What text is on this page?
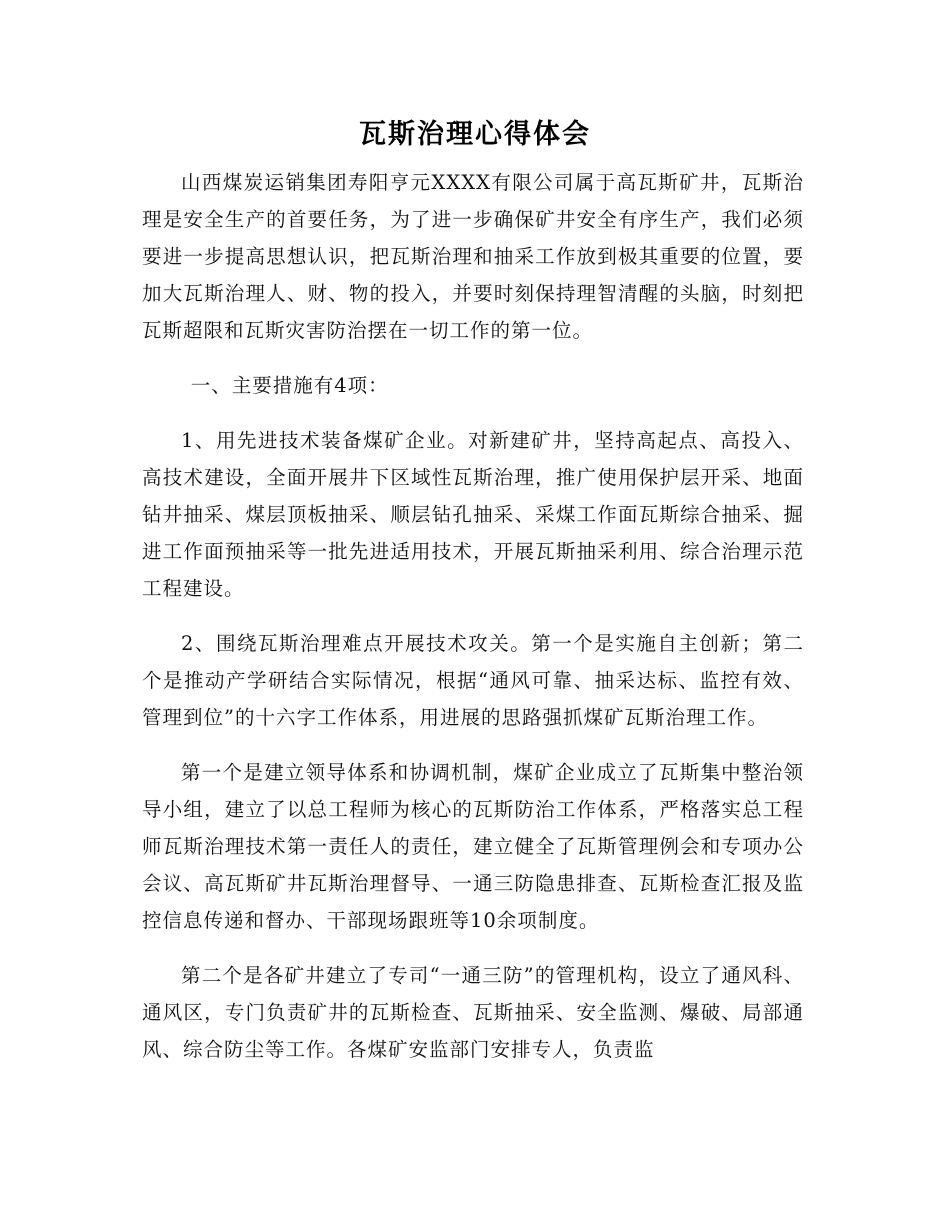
瓦斯治理心得体会

山西煤炭运销集团寿阳亨元XXXX有限公司属于高瓦斯矿井，瓦斯治理是安全生产的首要任务，为了进一步确保矿井安全有序生产，我们必须要进一步提高思想认识，把瓦斯治理和抽采工作放到极其重要的位置，要加大瓦斯治理人、财、物的投入，并要时刻保持理智清醒的头脑，时刻把瓦斯超限和瓦斯灾害防治摆在一切工作的第一位。

一、主要措施有4项：

1、用先进技术装备煤矿企业。对新建矿井，坚持高起点、高投入、高技术建设，全面开展井下区域性瓦斯治理，推广使用保护层开采、地面钻井抽采、煤层顶板抽采、顺层钻孔抽采、采煤工作面瓦斯综合抽采、掘进工作面预抽采等一批先进适用技术，开展瓦斯抽采利用、综合治理示范工程建设。

2、围绕瓦斯治理难点开展技术攻关。第一个是实施自主创新；第二个是推动产学研结合实际情况，根据“通风可靠、抽采达标、监控有效、管理到位”的十六字工作体系，用进展的思路强抓煤矿瓦斯治理工作。

第一个是建立领导体系和协调机制，煤矿企业成立了瓦斯集中整治领导小组，建立了以总工程师为核心的瓦斯防治工作体系，严格落实总工程师瓦斯治理技术第一责任人的责任，建立健全了瓦斯管理例会和专项办公会议、高瓦斯矿井瓦斯治理督导、一通三防隐患排查、瓦斯检查汇报及监控信息传递和督办、干部现场跟班等10余项制度。

第二个是各矿井建立了专司“一通三防”的管理机构，设立了通风科、通风区，专门负责矿井的瓦斯检查、瓦斯抽采、安全监测、爆破、局部通风、综合防尘等工作。各煤矿安监部门安排专人，负责监
